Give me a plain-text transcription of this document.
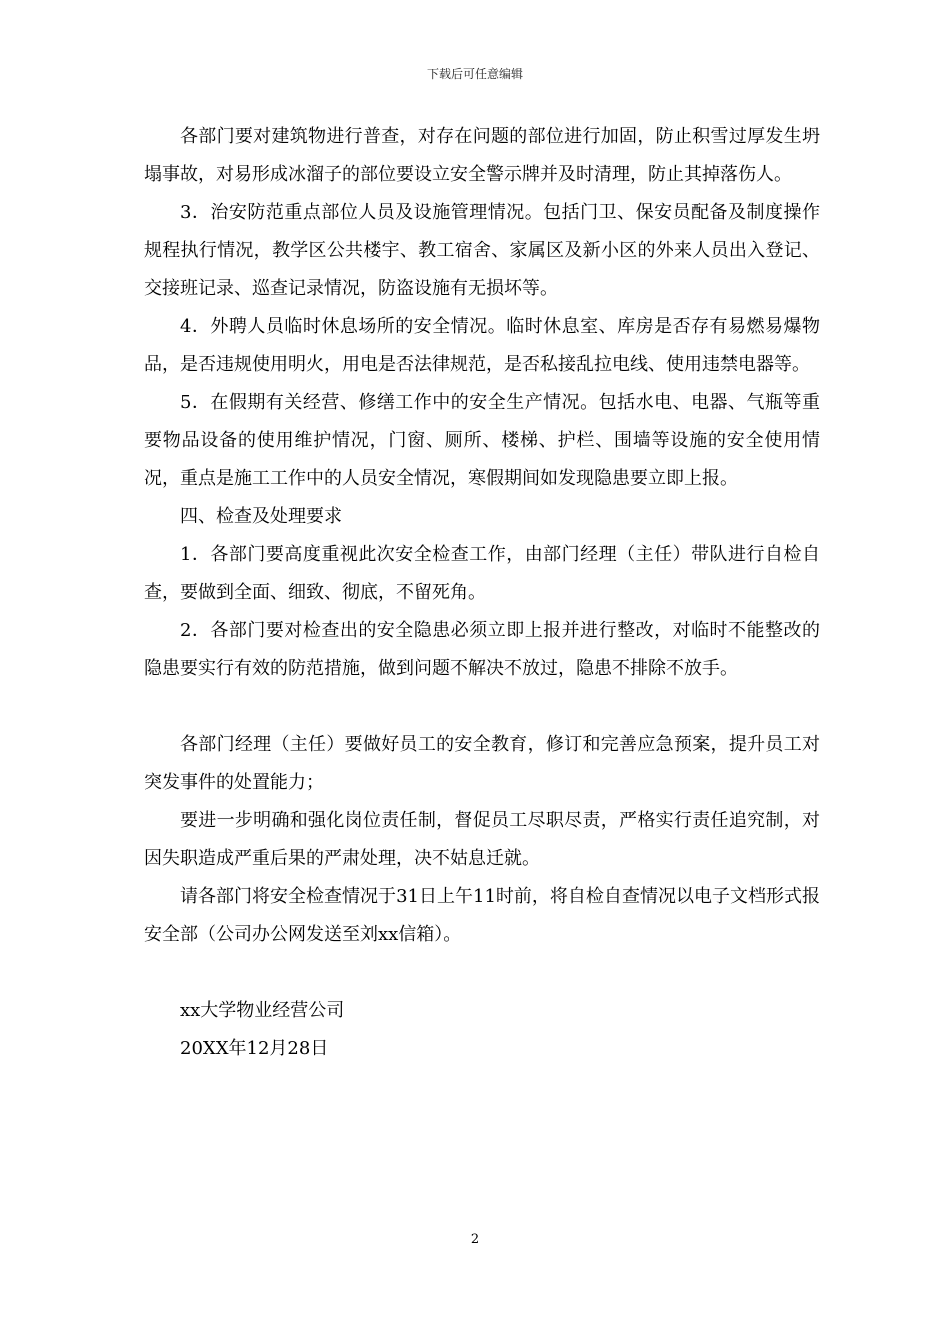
下载后可任意编辑

各部门要对建筑物进行普查，对存在问题的部位进行加固，防止积雪过厚发生坍塌事故，对易形成冰溜子的部位要设立安全警示牌并及时清理，防止其掉落伤人。

3．治安防范重点部位人员及设施管理情况。包括门卫、保安员配备及制度操作规程执行情况，教学区公共楼宇、教工宿舍、家属区及新小区的外来人员出入登记、交接班记录、巡查记录情况，防盗设施有无损坏等。

4．外聘人员临时休息场所的安全情况。临时休息室、库房是否存有易燃易爆物品，是否违规使用明火，用电是否法律规范，是否私接乱拉电线、使用违禁电器等。

5．在假期有关经营、修缮工作中的安全生产情况。包括水电、电器、气瓶等重要物品设备的使用维护情况，门窗、厕所、楼梯、护栏、围墙等设施的安全使用情况，重点是施工工作中的人员安全情况，寒假期间如发现隐患要立即上报。

四、检查及处理要求

1．各部门要高度重视此次安全检查工作，由部门经理（主任）带队进行自检自查，要做到全面、细致、彻底，不留死角。

2．各部门要对检查出的安全隐患必须立即上报并进行整改，对临时不能整改的隐患要实行有效的防范措施，做到问题不解决不放过，隐患不排除不放手。

各部门经理（主任）要做好员工的安全教育，修订和完善应急预案，提升员工对突发事件的处置能力；

要进一步明确和强化岗位责任制，督促员工尽职尽责，严格实行责任追究制，对因失职造成严重后果的严肃处理，决不姑息迁就。

请各部门将安全检查情况于31日上午11时前，将自检自查情况以电子文档形式报安全部（公司办公网发送至刘xx信箱）。

xx大学物业经营公司

20XX年12月28日

2
